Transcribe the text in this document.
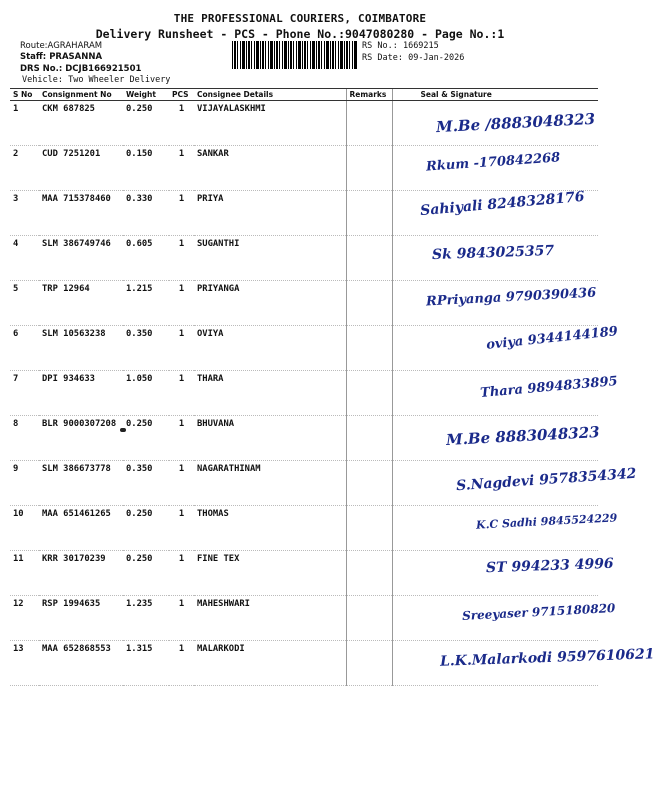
THE PROFESSIONAL COURIERS, COIMBATORE
Delivery Runsheet - PCS - Phone No.:9047080280 - Page No.:1
Route:AGRAHARAM
Staff: PRASANNA
DRS No.: DCJB166921501
Vehicle: Two Wheeler Delivery
RS No.: 1669215
RS Date: 09-Jan-2026
S No	Consignment No	Weight	PCS	Consignee Details	Remarks	Seal & Signature
1	CKM 687825	0.250	1	VIJAYALASKHMI		M.Be /8883048323

2	CUD 7251201	0.150	1	SANKAR		Rkum -170842268

3	MAA 715378460	0.330	1	PRIYA		Sahiyali 8248328176

4	SLM 386749746	0.605	1	SUGANTHI		Sk 9843025357

5	TRP 12964	1.215	1	PRIYANGA		RPriyanga 9790390436

6	SLM 10563238	0.350	1	OVIYA		oviya 9344144189

7	DPI 934633	1.050	1	THARA		Thara 9894833895

8	BLR 9000307208	0.250	1	BHUVANA		M.Be 8883048323

9	SLM 386673778	0.350	1	NAGARATHINAM		S.Nagdevi 9578354342

10	MAA 651461265	0.250	1	THOMAS		K.C Sadhi 9845524229

11	KRR 30170239	0.250	1	FINE TEX		ST 994233 4996

12	RSP 1994635	1.235	1	MAHESHWARI		Sreeyaser 9715180820

13	MAA 652868553	1.315	1	MALARKODI		L.K.Malarkodi 9597610621
